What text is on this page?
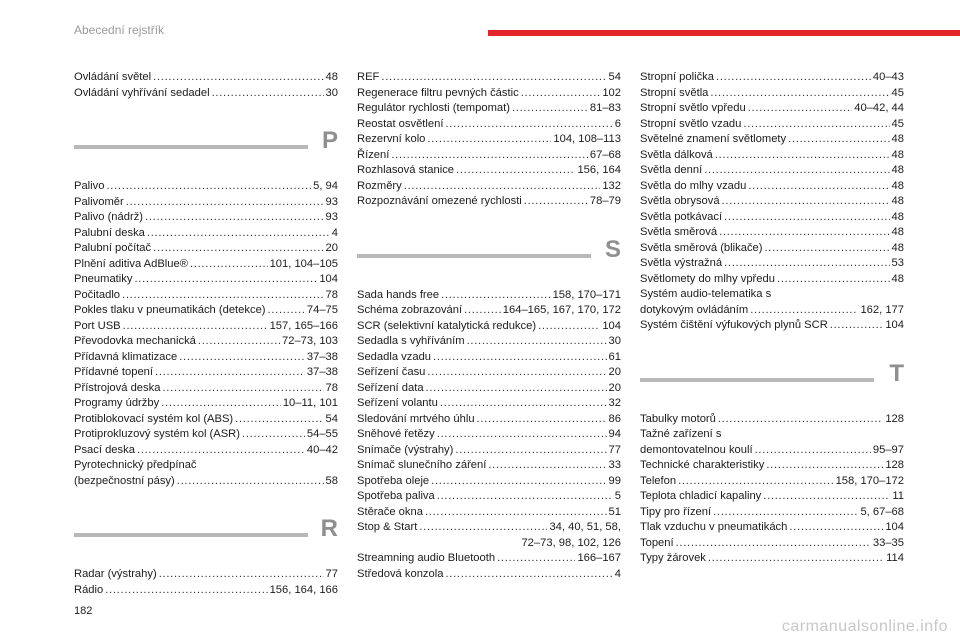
Abecední rejstřík
Ovládání světel . . .	48
Ovládání vyhřívání sedadel . . .	30
P
Palivo . . .	5, 94
Palivoměr . . .	93
Palivo (nádrž) . . .	93
Palubní deska . . .	4
Palubní počítač . . .	20
Plnění aditiva AdBlue® . . .	101, 104–105
Pneumatiky . . .	104
Počitadlo . . .	78
Pokles tlaku v pneumatikách (detekce) . . .	74–75
Port USB . . .	157, 165–166
Převodovka mechanická . . .	72–73, 103
Přídavná klimatizace . . .	37–38
Přídavné topení . . .	37–38
Přístrojová deska . . .	78
Programy údržby . . .	10–11, 101
Protiblokovací systém kol (ABS) . . .	54
Protiprokluzový systém kol (ASR) . . .	54–55
Psací deska . . .	40–42
Pyrotechnický předpínač
(bezpečnostní pásy) . . .	58
R
Radar (výstrahy) . . .	77
Rádio . . .	156, 164, 166
REF . . .	54
Regenerace filtru pevných částic . . .	102
Regulátor rychlosti (tempomat) . . .	81–83
Reostat osvětlení . . .	6
Rezervní kolo . . .	104, 108–113
Řízení . . .	67–68
Rozhlasová stanice . . .	156, 164
Rozměry . . .	132
Rozpoznávání omezené rychlosti . . .	78–79
S
Sada hands free . . .	158, 170–171
Schéma zobrazování . . .	164–165, 167, 170, 172
SCR (selektivní katalytická redukce) . . .	104
Sedadla s vyhříváním . . .	30
Sedadla vzadu . . .	61
Seřízení času . . .	20
Seřízení data . . .	20
Seřízení volantu . . .	32
Sledování mrtvého úhlu . . .	86
Sněhové řetězy . . .	94
Snímače (výstrahy) . . .	77
Snímač slunečního záření . . .	33
Spotřeba oleje . . .	99
Spotřeba paliva . . .	5
Stěrače okna . . .	51
Stop & Start . . .	34, 40, 51, 58,
72–73, 98, 102, 126
Streamning audio Bluetooth . . .	166–167
Středová konzola . . .	4
Stropní polička . . .	40–43
Stropní světla . . .	45
Stropní světlo vpředu . . .	40–42, 44
Stropní světlo vzadu . . .	45
Světelné znamení světlomety . . .	48
Světla dálková . . .	48
Světla denní . . .	48
Světla do mlhy vzadu . . .	48
Světla obrysová . . .	48
Světla potkávací . . .	48
Světla směrová . . .	48
Světla směrová (blikače) . . .	48
Světla výstražná . . .	53
Světlomety do mlhy vpředu . . .	48
Systém audio-telematika s
dotykovým ovládáním . . .	162, 177
Systém čištění výfukových plynů SCR . . .	104
T
Tabulky motorů . . .	128
Tažné zařízení s
demontovatelnou koulí . . .	95–97
Technické charakteristiky . . .	128
Telefon . . .	158, 170–172
Teplota chladicí kapaliny . . .	11
Tipy pro řízení . . .	5, 67–68
Tlak vzduchu v pneumatikách . . .	104
Topení . . .	33–35
Typy žárovek . . .	114
182
carmanualsonline.info
